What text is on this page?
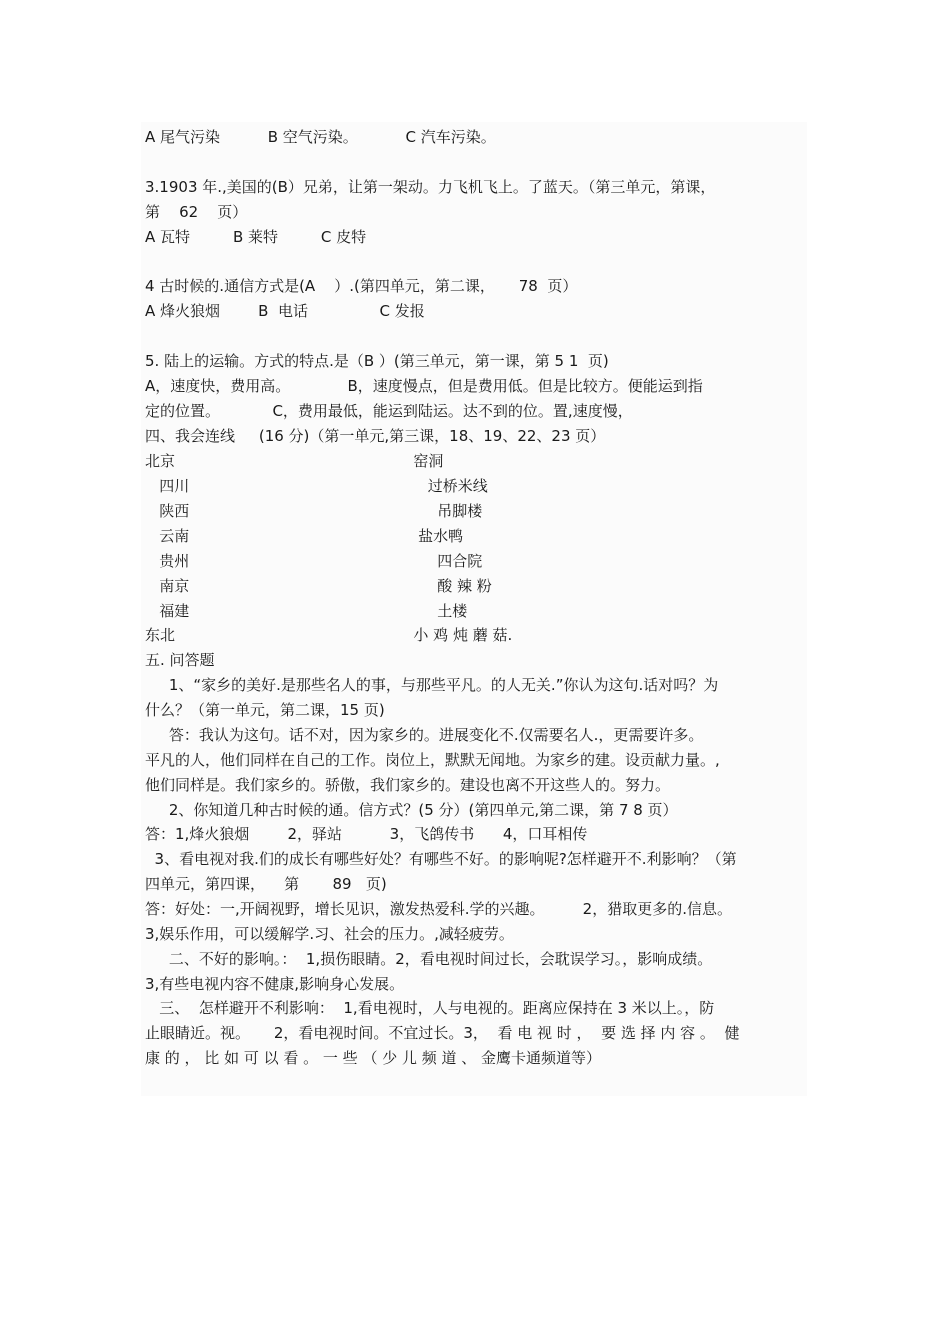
A 尾气污染          B 空气污染。          C 汽车污染。
3.1903 年.,美国的(B）兄弟，让第一架动。力飞机飞上。了蓝天。（第三单元，第课，
第    62    页）
A 瓦特         B 莱特         C 皮特
4 古时候的.通信方式是(A    ）.(第四单元，第二课，     78  页）
A 烽火狼烟        B  电话               C 发报
5. 陆上的运输。方式的特点.是（B ）(第三单元，第一课，第 5 1  页)
A，速度快，费用高。            B，速度慢点，但是费用低。但是比较方。便能运到指
定的位置。           C，费用最低，能运到陆运。达不到的位。置,速度慢，
四、我会连线     (16 分)（第一单元,第三课，18、19、22、23 页）
北京                                                  窑洞
四川                                                  过桥米线
陕西                                                    吊脚楼
云南                                                盐水鸭
贵州                                                    四合院
南京                                                    酸 辣 粉
福建                                                    土楼
东北                                                  小 鸡 炖 蘑 菇.
五. 问答题
1、“家乡的美好.是那些名人的事，与那些平凡。的人无关.”你认为这句.话对吗？为
什么？（第一单元，第二课，15 页)
答：我认为这句。话不对，因为家乡的。进展变化不.仅需要名人.，更需要许多。
平凡的人，他们同样在自己的工作。岗位上，默默无闻地。为家乡的建。设贡献力量。,
他们同样是。我们家乡的。骄傲，我们家乡的。建设也离不开这些人的。努力。
2、你知道几种古时候的通。信方式？(5 分）(第四单元,第二课，第 7 8 页）
答：1,烽火狼烟        2，驿站          3，飞鸽传书      4，口耳相传
3、看电视对我.们的成长有哪些好处？有哪些不好。的影响呢?怎样避开不.利影响？（第
四单元，第四课，    第       89   页)
答：好处：一,开阔视野，增长见识，激发热爱科.学的兴趣。        2，猎取更多的.信息。
3,娱乐作用，可以缓解学.习、社会的压力。,减轻疲劳。
二、不好的影响。：  1,损伤眼睛。2，看电视时间过长，会耽误学习。，影响成绩。
3,有些电视内容不健康,影响身心发展。
三、  怎样避开不利影响：  1,看电视时，人与电视的。距离应保持在 3 米以上。，防
止眼睛近。视。     2，看电视时间。不宜过长。3，  看 电 视 时 ，  要 选 择 内 容 。  健
康 的 ， 比 如 可 以 看 。 一 些 （ 少 儿 频 道 、 金鹰卡通频道等）
